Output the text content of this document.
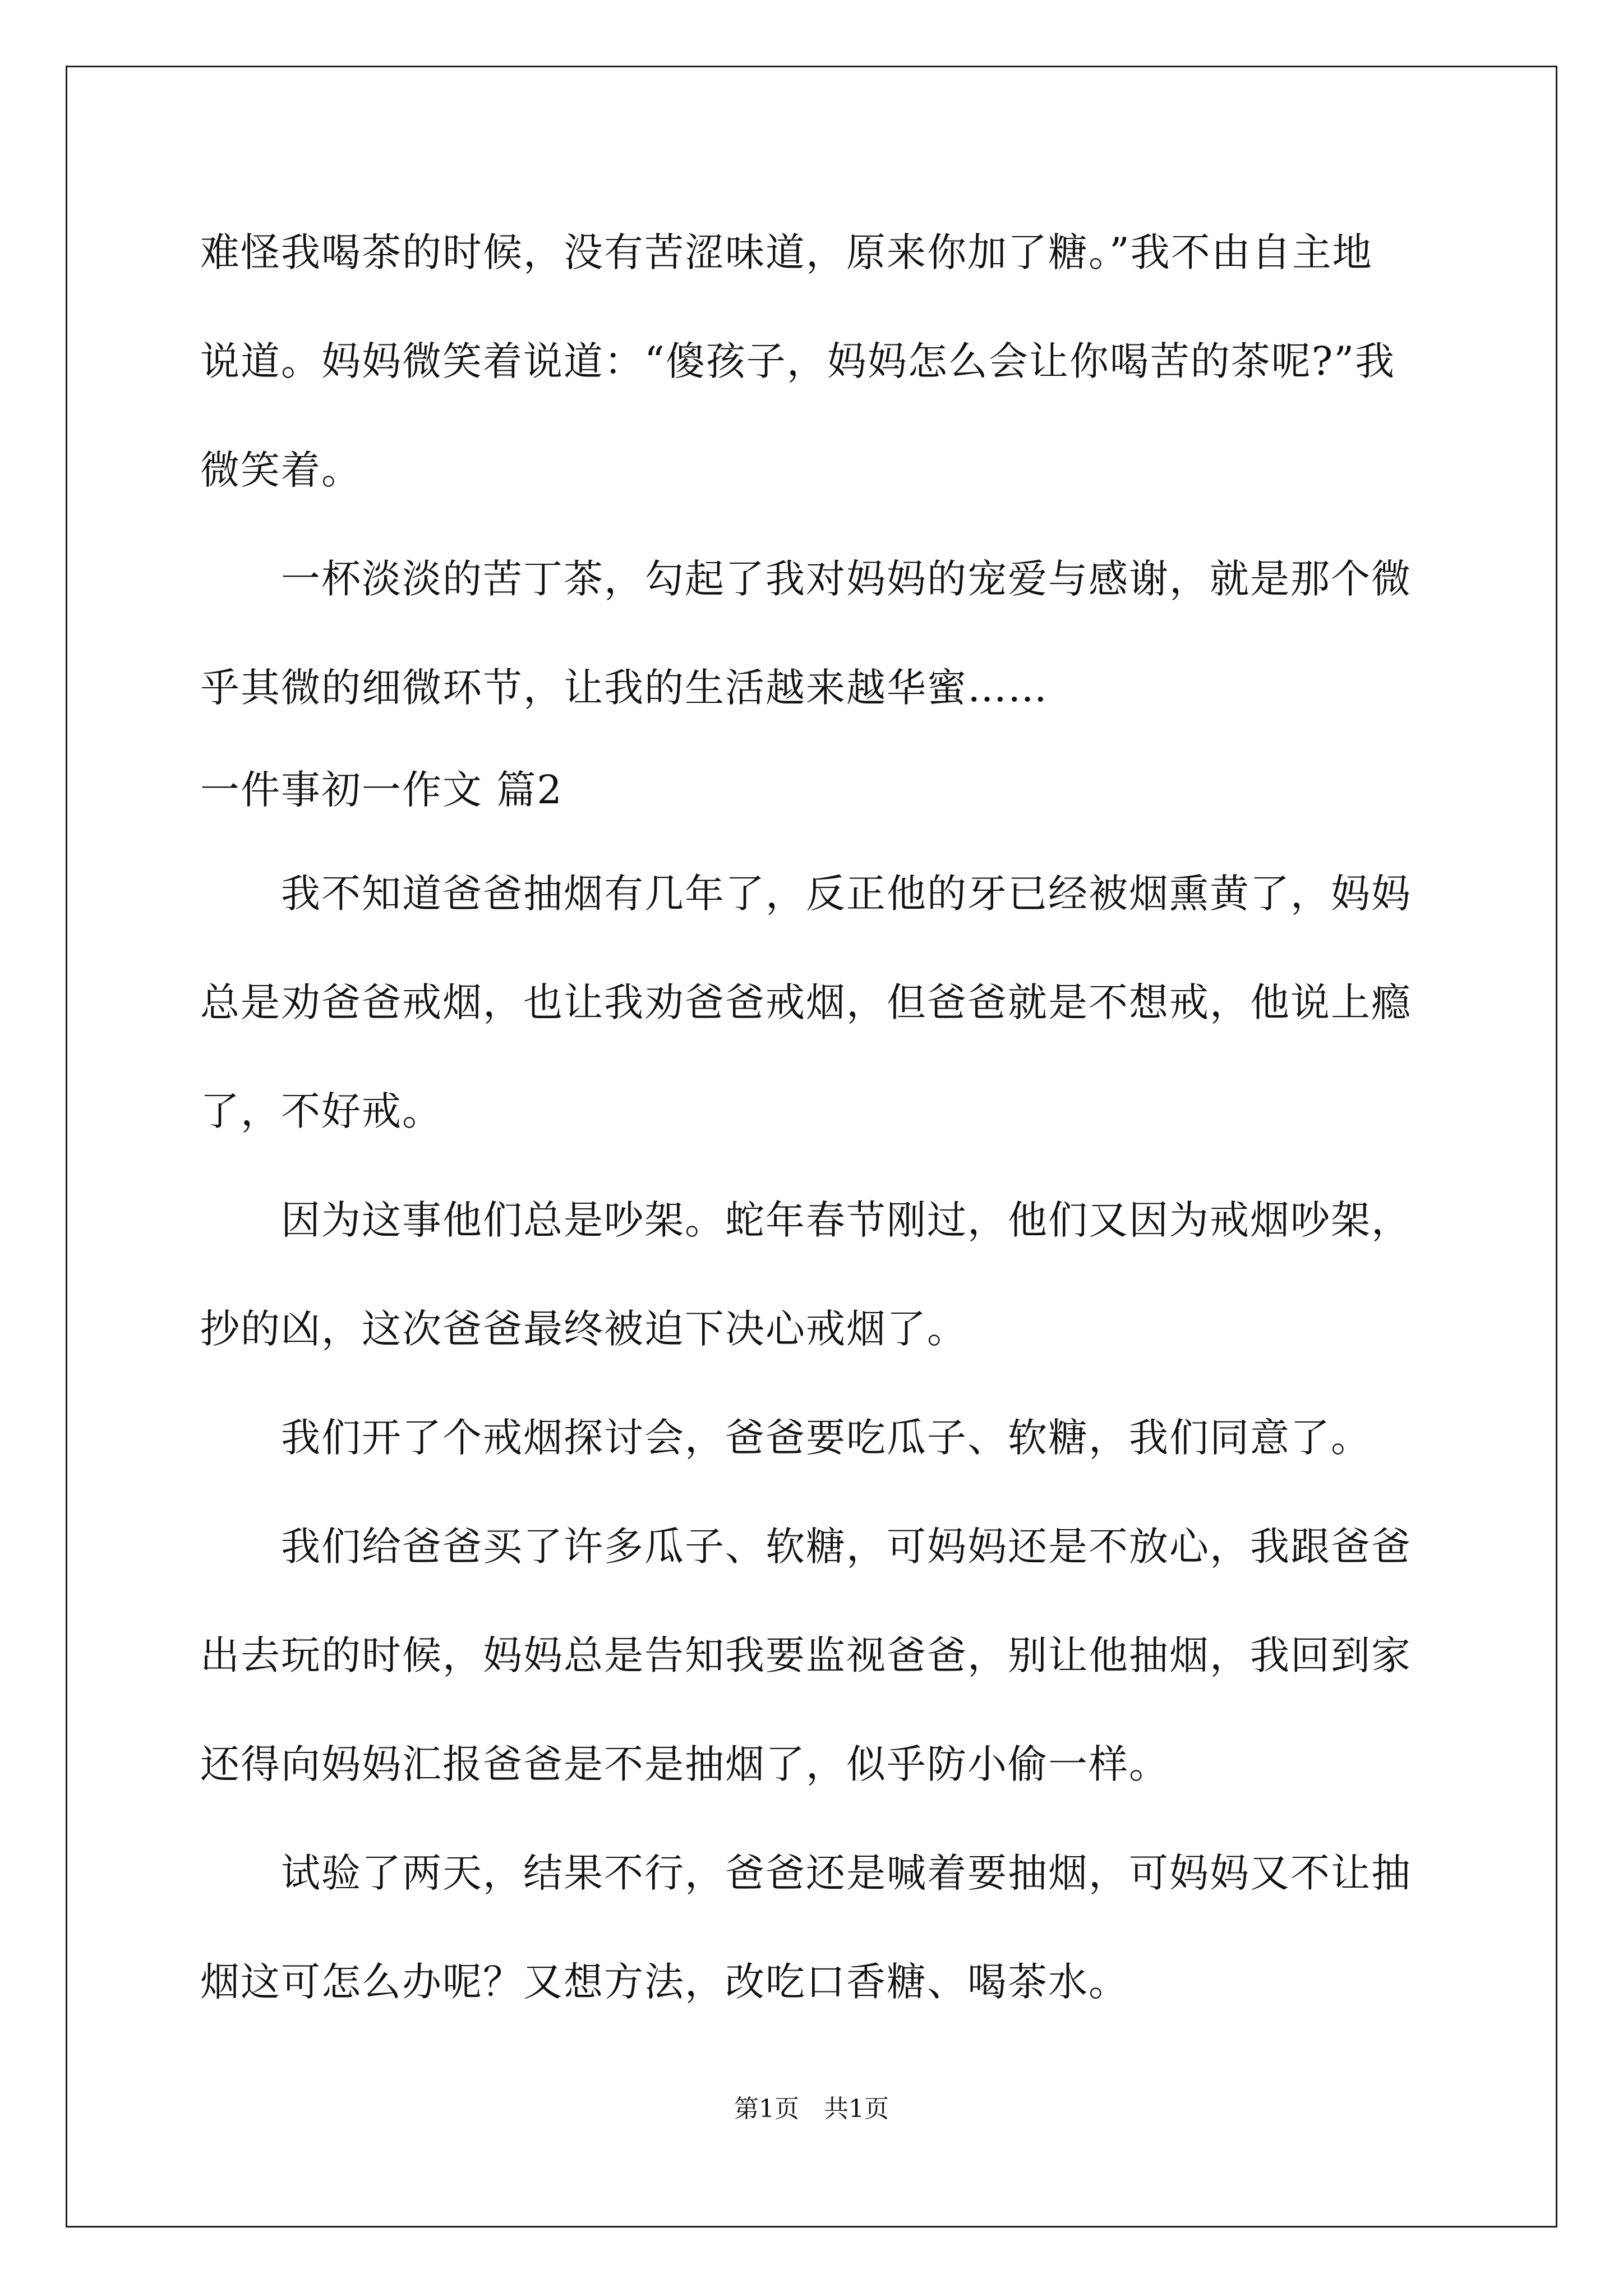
难怪我喝茶的时候，没有苦涩味道，原来你加了糖。”我不由自主地
说道。妈妈微笑着说道：“傻孩子，妈妈怎么会让你喝苦的茶呢?”我
微笑着。
　　一杯淡淡的苦丁茶，勾起了我对妈妈的宠爱与感谢，就是那个微
乎其微的细微环节，让我的生活越来越华蜜……
一件事初一作文 篇2
　　我不知道爸爸抽烟有几年了，反正他的牙已经被烟熏黄了，妈妈
总是劝爸爸戒烟，也让我劝爸爸戒烟，但爸爸就是不想戒，他说上瘾
了，不好戒。
　　因为这事他们总是吵架。蛇年春节刚过，他们又因为戒烟吵架，
抄的凶，这次爸爸最终被迫下决心戒烟了。
　　我们开了个戒烟探讨会，爸爸要吃瓜子、软糖，我们同意了。
　　我们给爸爸买了许多瓜子、软糖，可妈妈还是不放心，我跟爸爸
出去玩的时候，妈妈总是告知我要监视爸爸，别让他抽烟，我回到家
还得向妈妈汇报爸爸是不是抽烟了，似乎防小偷一样。
　　试验了两天，结果不行，爸爸还是喊着要抽烟，可妈妈又不让抽
烟这可怎么办呢？又想方法，改吃口香糖、喝茶水。
第1页　共1页
